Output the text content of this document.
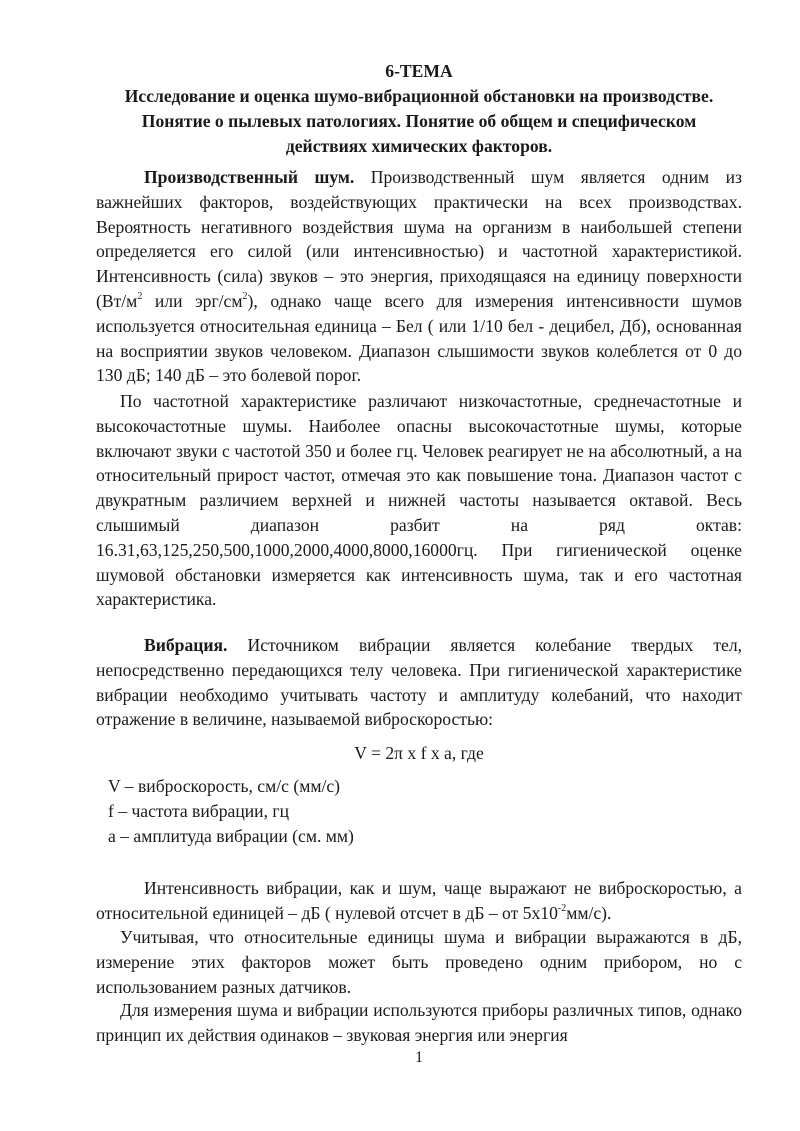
6-ТЕМА
Исследование и оценка шумо-вибрационной обстановки на производстве.
Понятие о пылевых патологиях. Понятие об общем и специфическом
действиях химических факторов.

Производственный шум. Производственный шум является одним из важнейших факторов, воздействующих практически на всех производствах. Вероятность негативного воздействия шума на организм в наибольшей степени определяется его силой (или интенсивностью) и частотной характеристикой. Интенсивность (сила) звуков – это энергия, приходящаяся на единицу поверхности ($Вт/м^2$ или эрг/$см^2$), однако чаще всего для измерения интенсивности шумов используется относительная единица – Бел ( или 1/10 бел - децибел, Дб), основанная на восприятии звуков человеком. Диапазон слышимости звуков колеблется от 0 до 130 дБ; 140 дБ – это болевой порог.

По частотной характеристике различают низкочастотные, среднечастотные и высокочастотные шумы. Наиболее опасны высокочастотные шумы, которые включают звуки с частотой 350 и более гц. Человек реагирует не на абсолютный, а на относительный прирост частот, отмечая это как повышение тона. Диапазон частот с двукратным различием верхней и нижней частоты называется октавой. Весь слышимый диапазон разбит на ряд октав: 16.31,63,125,250,500,1000,2000,4000,8000,16000гц. При гигиенической оценке шумовой обстановки измеряется как интенсивность шума, так и его частотная характеристика.

Вибрация. Источником вибрации является колебание твердых тел, непосредственно передающихся телу человека. При гигиенической характеристике вибрации необходимо учитывать частоту и амплитуду колебаний, что находит отражение в величине, называемой виброскоростью:

V = 2π x f x a, где
V – виброскорость, см/с (мм/с)
f – частота вибрации, гц
a – амплитуда вибрации (см. мм)

Интенсивность вибрации, как и шум, чаще выражают не виброскоростью, а относительной единицей – дБ ( нулевой отсчет в дБ – от $5х10^{-2}мм/с$).

Учитывая, что относительные единицы шума и вибрации выражаются в дБ, измерение этих факторов может быть проведено одним прибором, но с использованием разных датчиков.

Для измерения шума и вибрации используются приборы различных типов, однако принцип их действия одинаков – звуковая энергия или энергия

1
